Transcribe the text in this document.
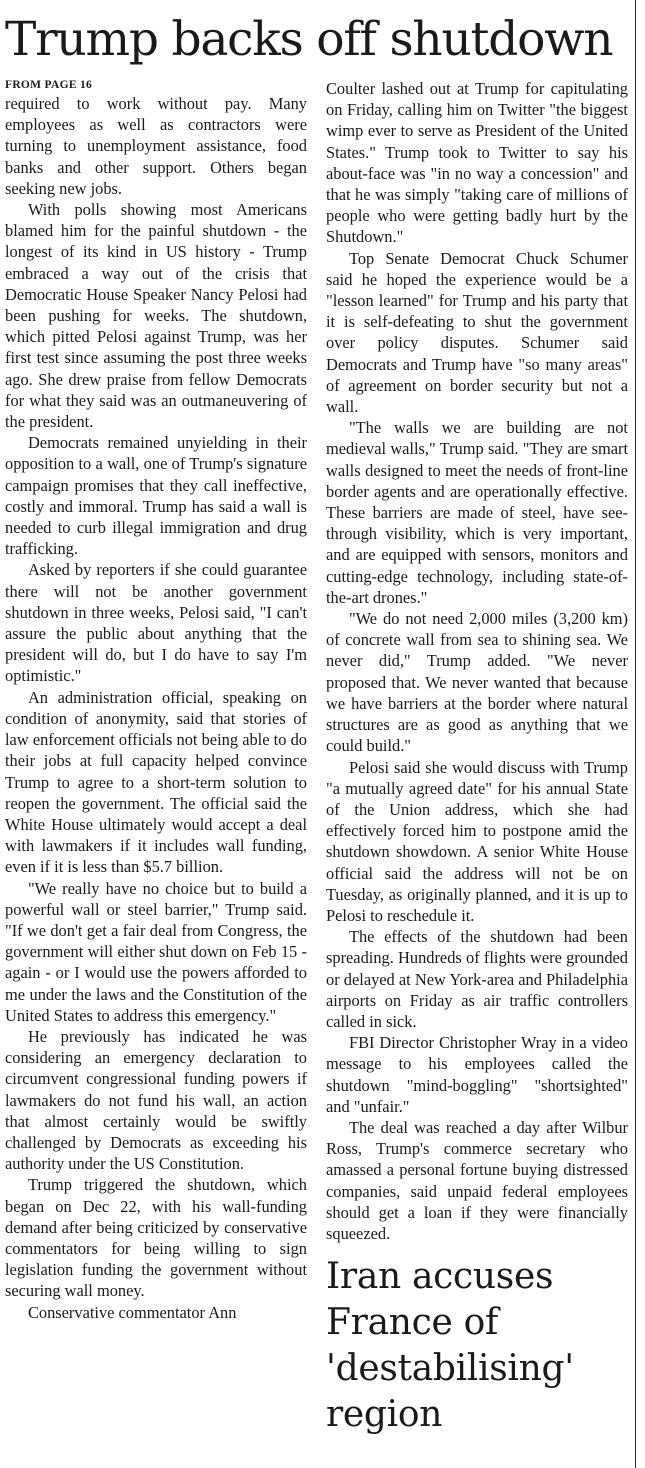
Trump backs off shutdown
FROM PAGE 16

required to work without pay. Many employees as well as contractors were turning to unemployment assistance, food banks and other support. Others began seeking new jobs.

With polls showing most Americans blamed him for the painful shutdown - the longest of its kind in US history - Trump embraced a way out of the crisis that Democratic House Speaker Nancy Pelosi had been pushing for weeks. The shutdown, which pitted Pelosi against Trump, was her first test since assuming the post three weeks ago. She drew praise from fellow Democrats for what they said was an outmaneuvering of the president.

Democrats remained unyielding in their opposition to a wall, one of Trump's signature campaign promises that they call ineffective, costly and immoral. Trump has said a wall is needed to curb illegal immigration and drug trafficking.

Asked by reporters if she could guarantee there will not be another government shutdown in three weeks, Pelosi said, "I can't assure the public about anything that the president will do, but I do have to say I'm optimistic."

An administration official, speaking on condition of anonymity, said that stories of law enforcement officials not being able to do their jobs at full capacity helped convince Trump to agree to a short-term solution to reopen the government. The official said the White House ultimately would accept a deal with lawmakers if it includes wall funding, even if it is less than $5.7 billion.

"We really have no choice but to build a powerful wall or steel barrier," Trump said. "If we don't get a fair deal from Congress, the government will either shut down on Feb 15 - again - or I would use the powers afforded to me under the laws and the Constitution of the United States to address this emergency."

He previously has indicated he was considering an emergency declaration to circumvent congressional funding powers if lawmakers do not fund his wall, an action that almost certainly would be swiftly challenged by Democrats as exceeding his authority under the US Constitution.

Trump triggered the shutdown, which began on Dec 22, with his wall-funding demand after being criticized by conservative commentators for being willing to sign legislation funding the government without securing wall money.

Conservative commentator Ann

Coulter lashed out at Trump for capitulating on Friday, calling him on Twitter "the biggest wimp ever to serve as President of the United States." Trump took to Twitter to say his about-face was "in no way a concession" and that he was simply "taking care of millions of people who were getting badly hurt by the Shutdown."

Top Senate Democrat Chuck Schumer said he hoped the experience would be a "lesson learned" for Trump and his party that it is self-defeating to shut the government over policy disputes. Schumer said Democrats and Trump have "so many areas" of agreement on border security but not a wall.

"The walls we are building are not medieval walls," Trump said. "They are smart walls designed to meet the needs of front-line border agents and are operationally effective. These barriers are made of steel, have see-through visibility, which is very important, and are equipped with sensors, monitors and cutting-edge technology, including state-of-the-art drones."

"We do not need 2,000 miles (3,200 km) of concrete wall from sea to shining sea. We never did," Trump added. "We never proposed that. We never wanted that because we have barriers at the border where natural structures are as good as anything that we could build."

Pelosi said she would discuss with Trump "a mutually agreed date" for his annual State of the Union address, which she had effectively forced him to postpone amid the shutdown showdown. A senior White House official said the address will not be on Tuesday, as originally planned, and it is up to Pelosi to reschedule it.

The effects of the shutdown had been spreading. Hundreds of flights were grounded or delayed at New York-area and Philadelphia airports on Friday as air traffic controllers called in sick.

FBI Director Christopher Wray in a video message to his employees called the shutdown "mind-boggling" "shortsighted" and "unfair."

The deal was reached a day after Wilbur Ross, Trump's commerce secretary who amassed a personal fortune buying distressed companies, said unpaid federal employees should get a loan if they were financially squeezed.

Iran accuses France of 'destabilising' region
